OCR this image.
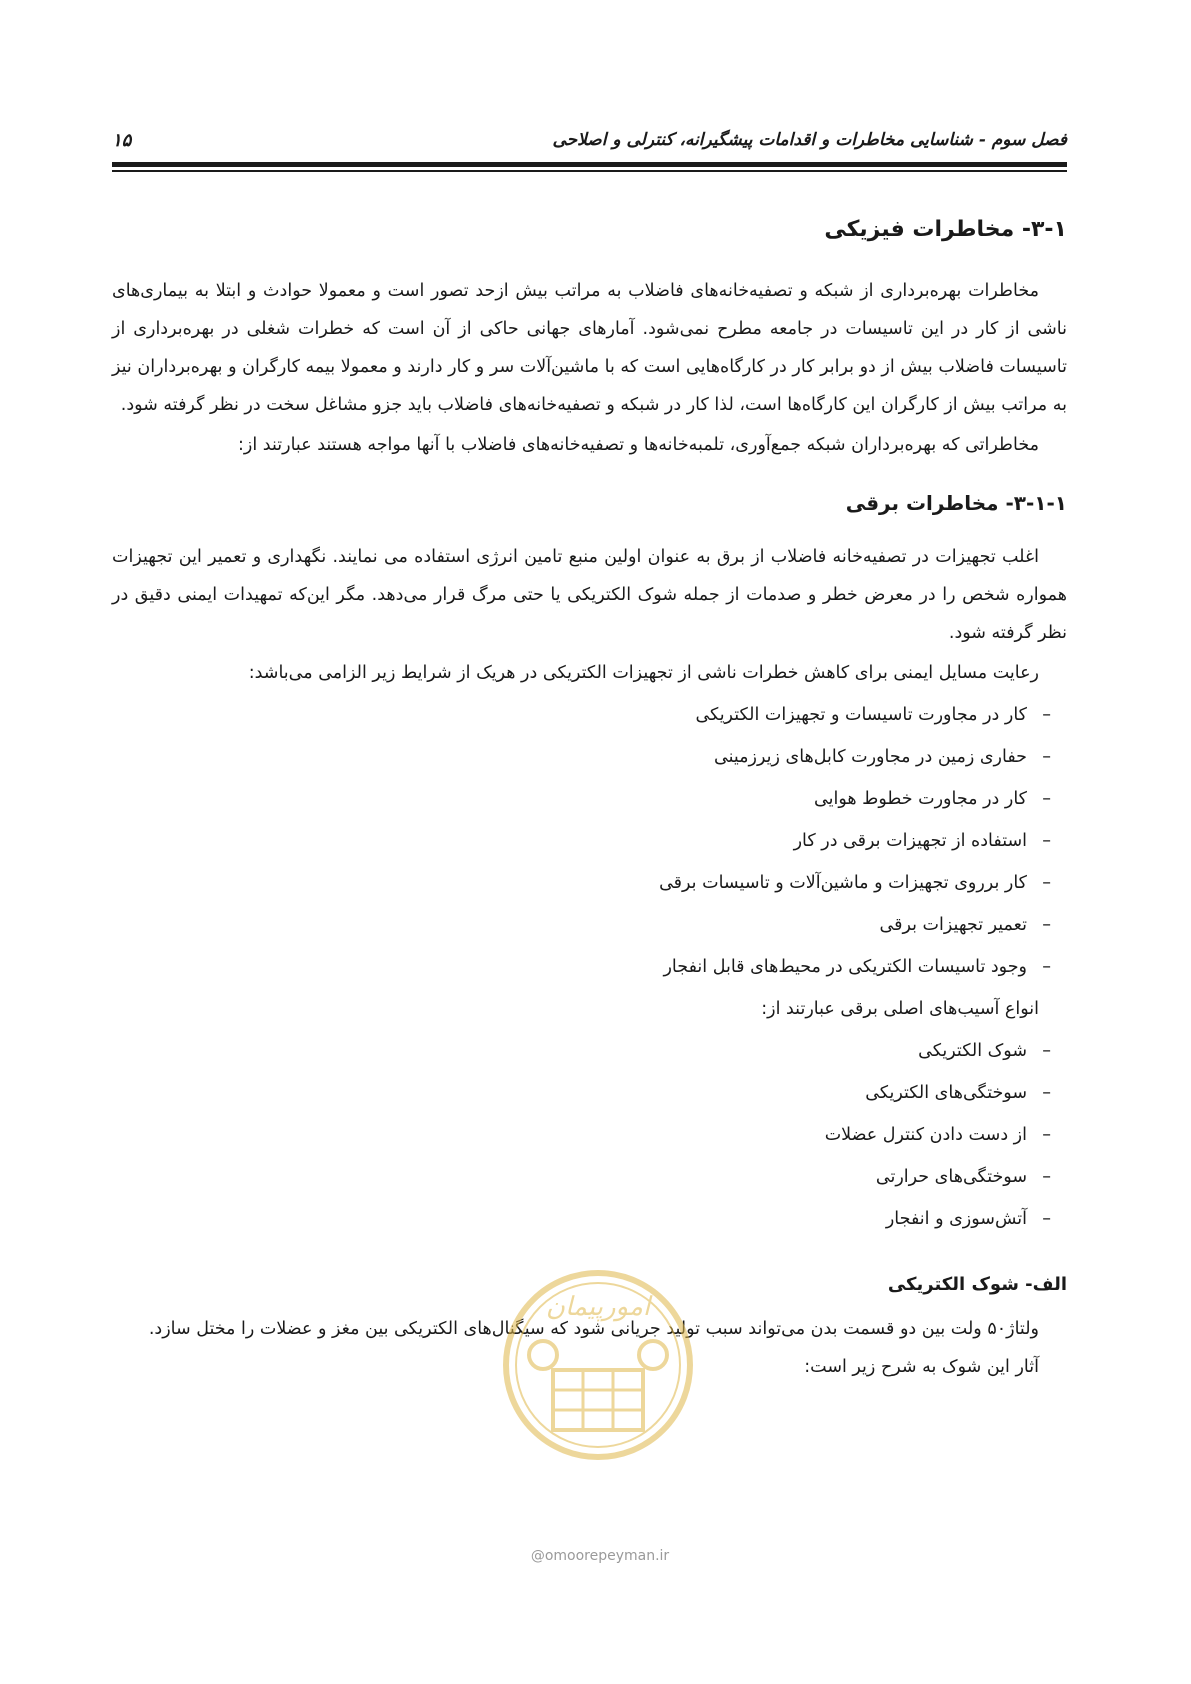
فصل سوم - شناسایی مخاطرات و اقدامات پیشگیرانه، کنترلی و اصلاحی
۱۵
۳-۱- مخاطرات فیزیکی

مخاطرات بهره‌برداری از شبکه و تصفیه‌خانه‌های فاضلاب به مراتب بیش ازحد تصور است و معمولا حوادث و ابتلا به بیماری‌های ناشی از کار در این تاسیسات در جامعه مطرح نمی‌شود. آمارهای جهانی حاکی از آن است که خطرات شغلی در بهره‌برداری از تاسیسات فاضلاب بیش از دو برابر کار در کارگاه‌هایی است که با ماشین‌آلات سر و کار دارند و معمولا بیمه کارگران و بهره‌برداران نیز به مراتب بیش از کارگران این کارگاه‌ها است، لذا کار در شبکه و تصفیه‌خانه‌های فاضلاب باید جزو مشاغل سخت در نظر گرفته شود.

مخاطراتی که بهره‌برداران شبکه جمع‌آوری، تلمبه‌خانه‌ها و تصفیه‌خانه‌های فاضلاب با آنها مواجه هستند عبارتند از:

۳-۱-۱- مخاطرات برقی

اغلب تجهیزات در تصفیه‌خانه فاضلاب از برق به عنوان اولین منبع تامین انرژی استفاده می نمایند. نگهداری و تعمیر این تجهیزات همواره شخص را در معرض خطر و صدمات از جمله شوک الکتریکی یا حتی مرگ قرار می‌دهد. مگر این‌که تمهیدات ایمنی دقیق در نظر گرفته شود.

رعایت مسایل ایمنی برای کاهش خطرات ناشی از تجهیزات الکتریکی در هریک از شرایط زیر الزامی می‌باشد:

–
کار در مجاورت تاسیسات و تجهیزات الکتریکی
–
حفاری زمین در مجاورت کابل‌های زیرزمینی
–
کار در مجاورت خطوط هوایی
–
استفاده از تجهیزات برقی در کار
–
کار برروی تجهیزات و ماشین‌آلات و تاسیسات برقی
–
تعمیر تجهیزات برقی
–
وجود تاسیسات الکتریکی در محیط‌های قابل انفجار

انواع آسیب‌های اصلی برقی عبارتند از:

–
شوک الکتریکی
–
سوختگی‌های الکتریکی
–
از دست دادن کنترل عضلات
–
سوختگی‌های حرارتی
–
آتش‌سوزی و انفجار
الف- شوک الکتریکی

ولتاژ۵۰ ولت بین دو قسمت بدن می‌تواند سبب تولید جریانی شود که سیگنال‌های الکتریکی بین مغز و عضلات را مختل سازد.

آثار این شوک به شرح زیر است:

امورپیمان
@omoorepeyman.ir
